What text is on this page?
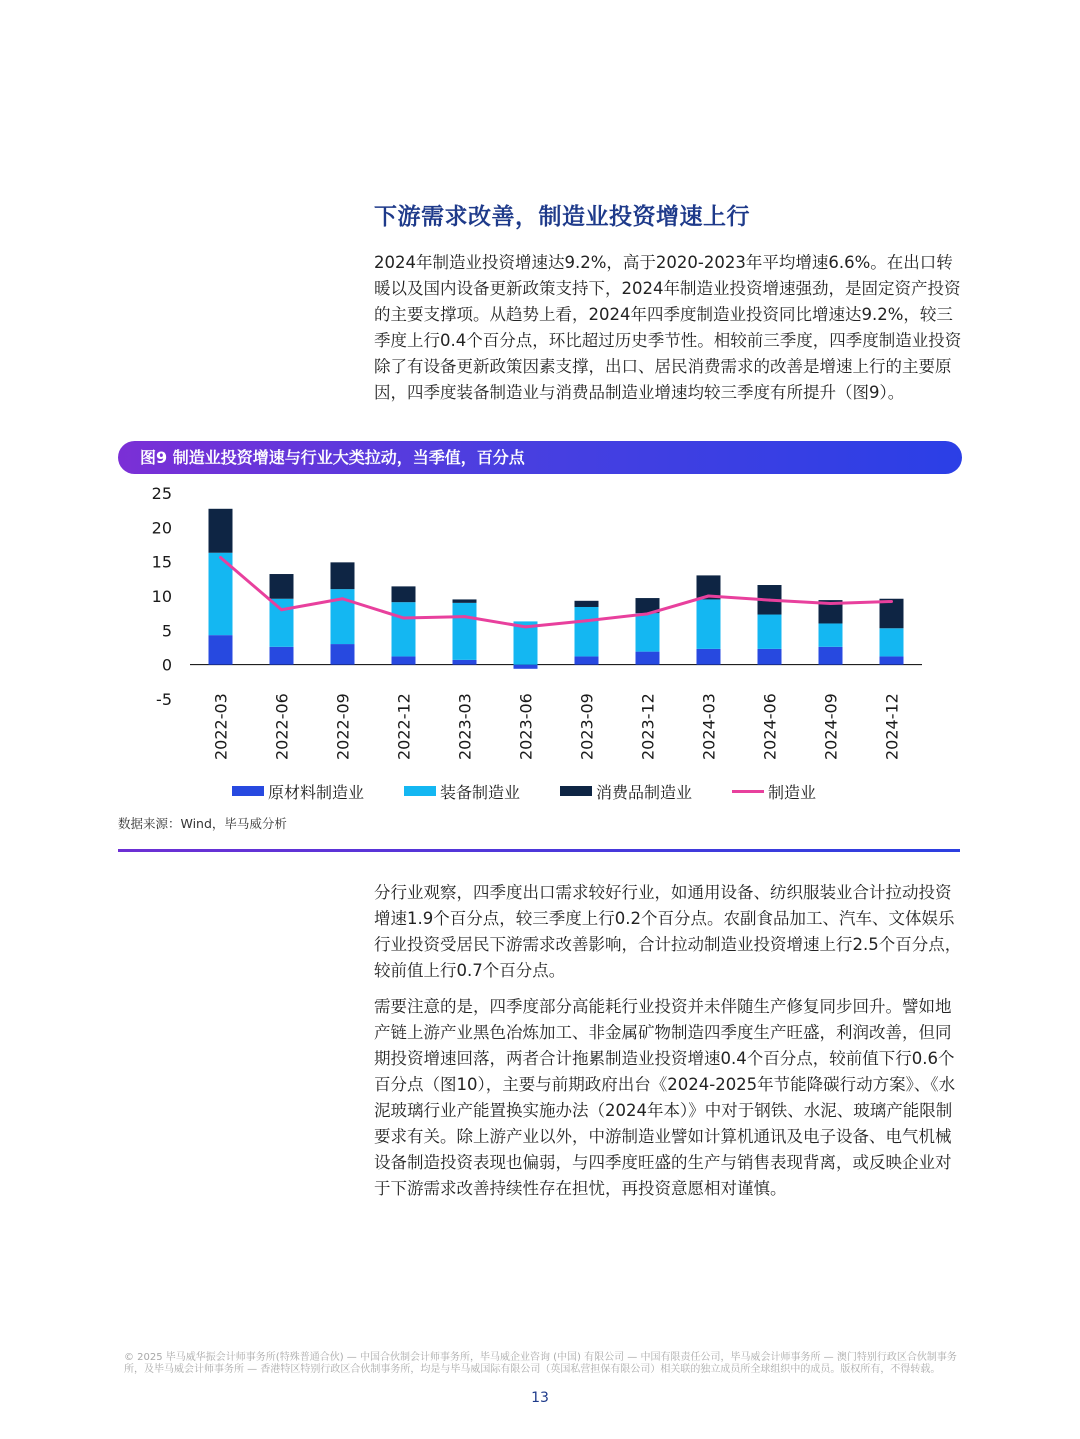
下游需求改善，制造业投资增速上行

2024年制造业投资增速达9.2%，高于2020-2023年平均增速6.6%。在出口转暖以及国内设备更新政策支持下，2024年制造业投资增速强劲，是固定资产投资的主要支撑项。从趋势上看，2024年四季度制造业投资同比增速达9.2%，较三季度上行0.4个百分点，环比超过历史季节性。相较前三季度，四季度制造业投资除了有设备更新政策因素支撑，出口、居民消费需求的改善是增速上行的主要原因，四季度装备制造业与消费品制造业增速均较三季度有所提升（图9）。

图9 制造业投资增速与行业大类拉动，当季值，百分点
-5
0
5
10
15
20
25
2022-03	2022-06	2022-09	2022-12	2023-03	2023-06	2023-09	2023-12	2024-03	2024-06	2024-09	2024-12
原材料制造业	装备制造业	消费品制造业	制造业
数据来源：Wind，毕马威分析

分行业观察，四季度出口需求较好行业，如通用设备、纺织服装业合计拉动投资增速1.9个百分点，较三季度上行0.2个百分点。农副食品加工、汽车、文体娱乐行业投资受居民下游需求改善影响，合计拉动制造业投资增速上行2.5个百分点，较前值上行0.7个百分点。

需要注意的是，四季度部分高能耗行业投资并未伴随生产修复同步回升。譬如地产链上游产业黑色冶炼加工、非金属矿物制造四季度生产旺盛，利润改善，但同期投资增速回落，两者合计拖累制造业投资增速0.4个百分点，较前值下行0.6个百分点（图10），主要与前期政府出台《2024-2025年节能降碳行动方案》、《水泥玻璃行业产能置换实施办法（2024年本）》中对于钢铁、水泥、玻璃产能限制要求有关。除上游产业以外，中游制造业譬如计算机通讯及电子设备、电气机械设备制造投资表现也偏弱，与四季度旺盛的生产与销售表现背离，或反映企业对于下游需求改善持续性存在担忧，再投资意愿相对谨慎。

© 2025 毕马威华振会计师事务所(特殊普通合伙) — 中国合伙制会计师事务所，毕马威企业咨询 (中国) 有限公司 — 中国有限责任公司，毕马威会计师事务所 — 澳门特别行政区合伙制事务所，及毕马威会计师事务所 — 香港特区特别行政区合伙制事务所，均是与毕马威国际有限公司（英国私营担保有限公司）相关联的独立成员所全球组织中的成员。版权所有，不得转载。
13
